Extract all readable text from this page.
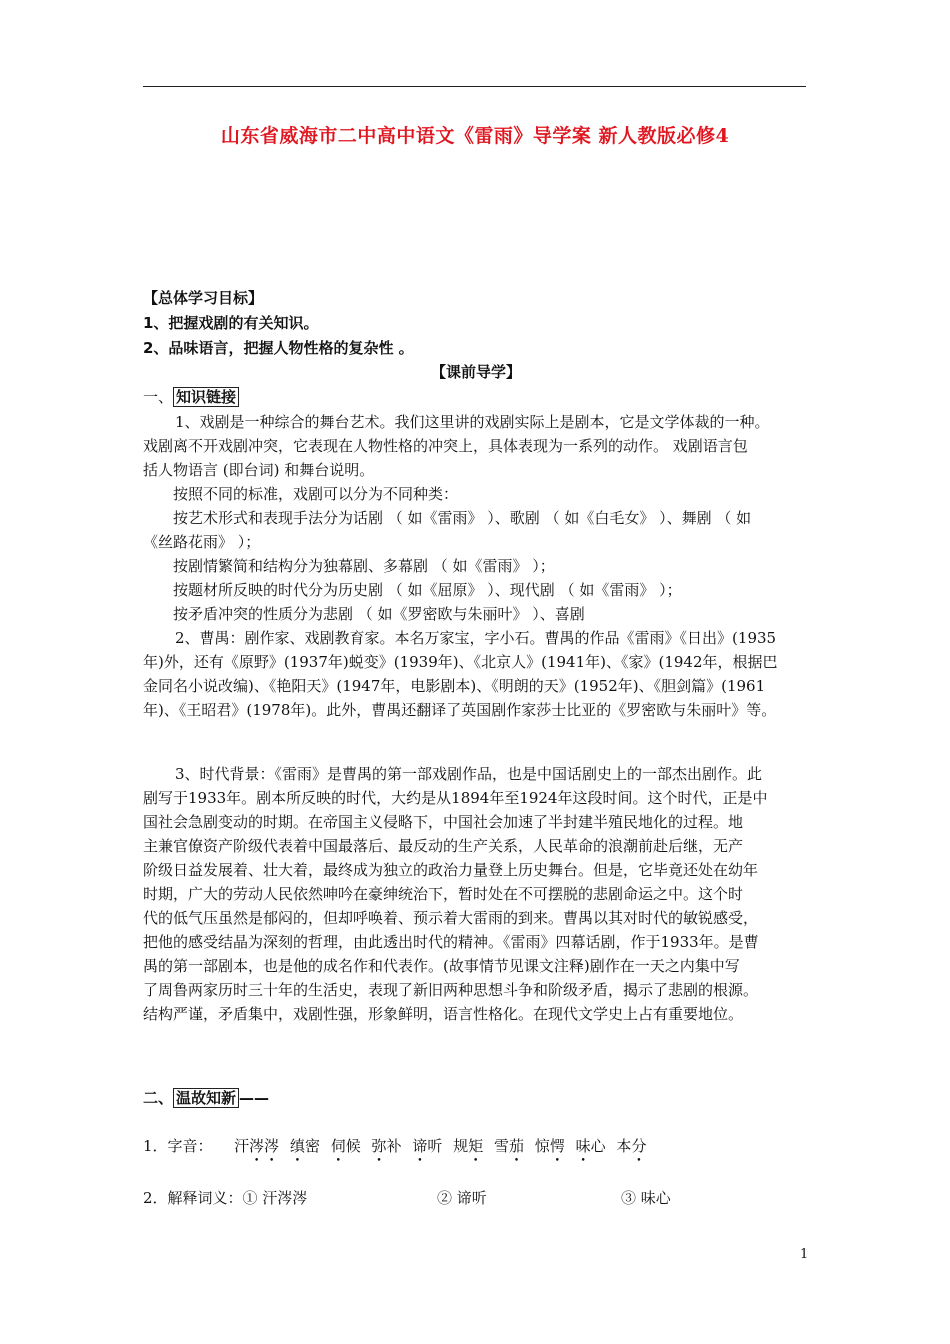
山东省威海市二中高中语文《雷雨》导学案 新人教版必修4
【总体学习目标】
1、把握戏剧的有关知识。
2、品味语言，把握人物性格的复杂性 。
【课前导学】
一、 知识链接

1、戏剧是一种综合的舞台艺术。我们这里讲的戏剧实际上是剧本，它是文学体裁的一种。

戏剧离不开戏剧冲突，它表现在人物性格的冲突上，具体表现为一系列的动作。 戏剧语言包

括人物语言 (即台词) 和舞台说明。

按照不同的标准，戏剧可以分为不同种类：

按艺术形式和表现手法分为话剧 （ 如《雷雨》 ）、歌剧 （ 如《白毛女》 ）、舞剧 （ 如

《丝路花雨》 ）；

按剧情繁简和结构分为独幕剧、多幕剧 （ 如《雷雨》 ）；

按题材所反映的时代分为历史剧 （ 如《屈原》 ）、现代剧 （ 如《雷雨》 ）；

按矛盾冲突的性质分为悲剧 （ 如《罗密欧与朱丽叶》 ）、喜剧

2、曹禺：剧作家、戏剧教育家。本名万家宝，字小石。曹禺的作品《雷雨》《日出》(1935

年)外，还有《原野》(1937年)蜕变》(1939年)、《北京人》(1941年)、《家》(1942年，根据巴

金同名小说改编)、《艳阳天》(1947年，电影剧本)、《明朗的天》(1952年)、《胆剑篇》(1961

年)、《王昭君》(1978年)。此外，曹禺还翻译了英国剧作家莎士比亚的《罗密欧与朱丽叶》等。

3、时代背景：《雷雨》是曹禺的第一部戏剧作品，也是中国话剧史上的一部杰出剧作。此

剧写于1933年。剧本所反映的时代，大约是从1894年至1924年这段时间。这个时代，正是中

国社会急剧变动的时期。在帝国主义侵略下，中国社会加速了半封建半殖民地化的过程。地

主兼官僚资产阶级代表着中国最落后、最反动的生产关系，人民革命的浪潮前赴后继，无产

阶级日益发展着、壮大着，最终成为独立的政治力量登上历史舞台。但是，它毕竟还处在幼年

时期，广大的劳动人民依然呻吟在豪绅统治下，暂时处在不可摆脱的悲剧命运之中。这个时

代的低气压虽然是郁闷的，但却呼唤着、预示着大雷雨的到来。曹禺以其对时代的敏锐感受，

把他的感受结晶为深刻的哲理，由此透出时代的精神。《雷雨》四幕话剧，作于1933年。是曹

禺的第一部剧本，也是他的成名作和代表作。(故事情节见课文注释)剧作在一天之内集中写

了周鲁两家历时三十年的生活史，表现了新旧两种思想斗争和阶级矛盾，揭示了悲剧的根源。

结构严谨，矛盾集中，戏剧性强，形象鲜明，语言性格化。在现代文学史上占有重要地位。

二、 温故知新 ——
1．字音： 汗涔涔 缜密 伺候 弥补 谛听 规矩 雪茄 惊愕 味心 本分
2．解释词义：① 汗涔涔	② 谛听	③ 味心
1
